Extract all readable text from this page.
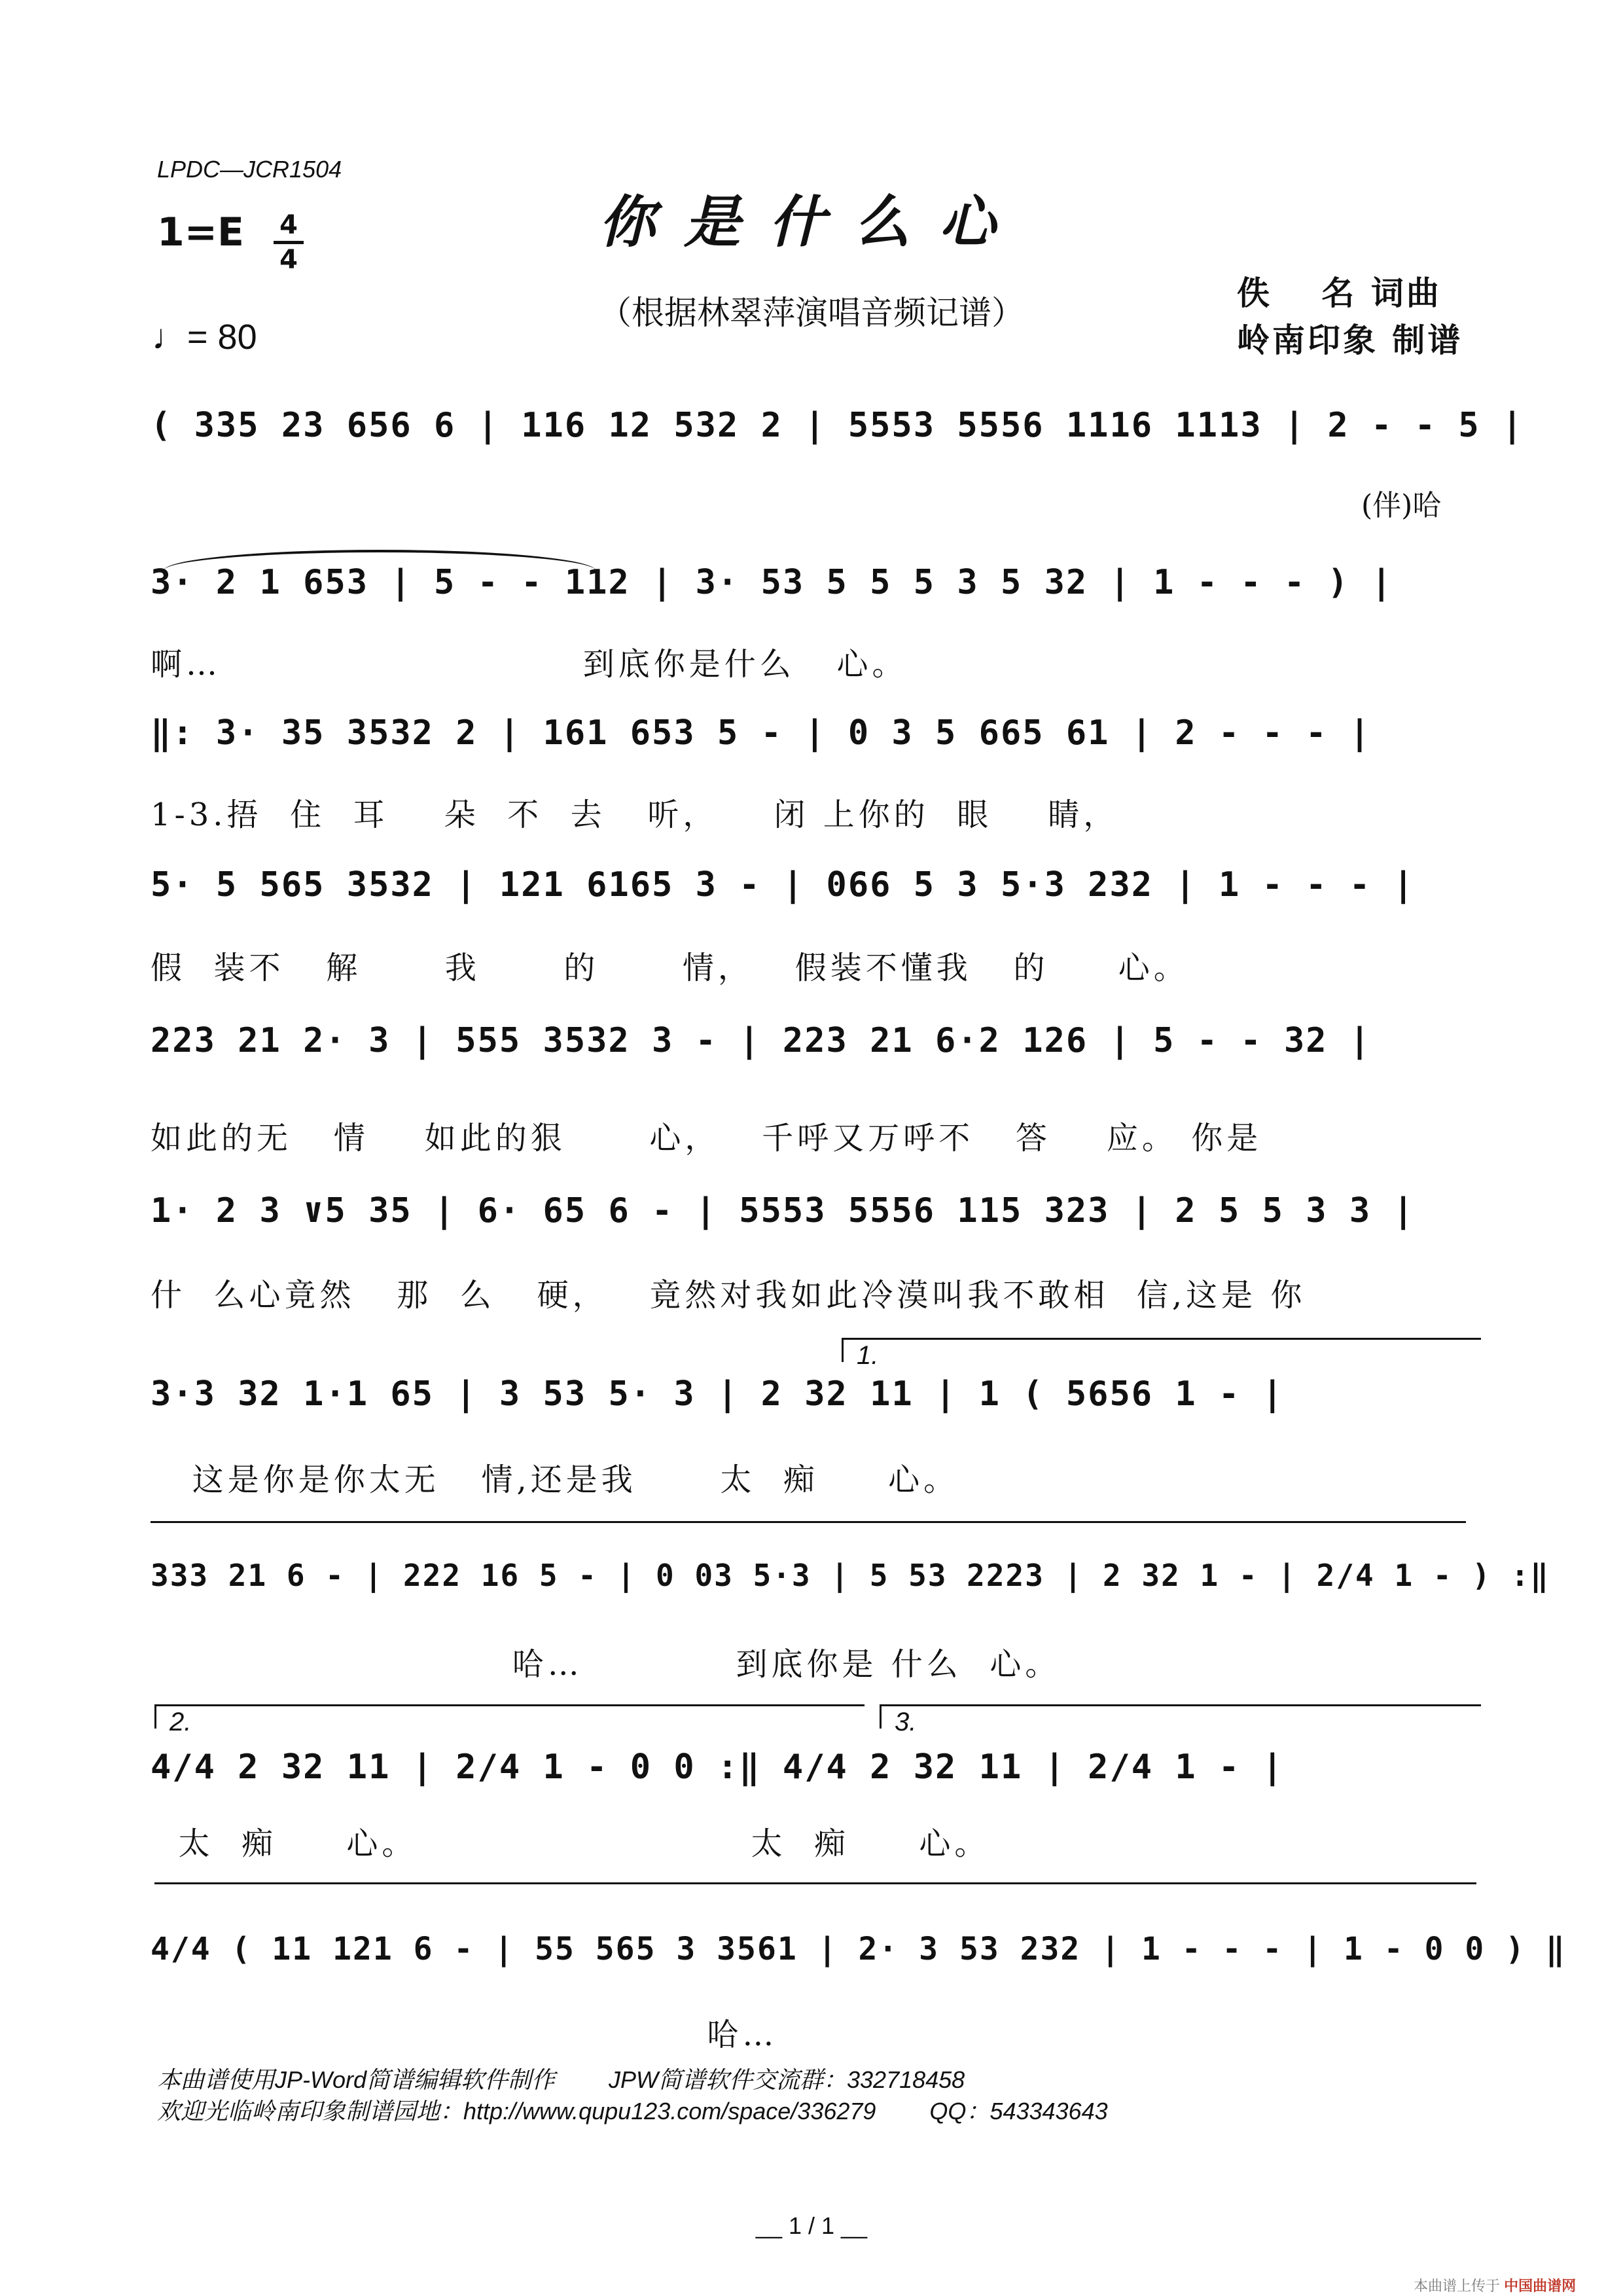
LPDC—JCR1504
你是什么心
1=E 4
4
♩= 80
（根据林翠萍演唱音频记谱）
佚　 名 词曲
岭南印象 制谱
( 335 23 656 6 | 116 12 532 2 | 5553 5556 1116 1113 | 2 - - 5 |
(伴)哈
3· 2 1 653 | 5 - - 112 | 3· 53 5 5 5 3 5 32 | 1 - - - ) |
啊…                          到底你是什么   心。
‖: 3· 35 3532 2 | 161 653 5 - | 0 3 5 665 61 | 2 - - - |
1-3.捂  住  耳    朵  不  去   听，    闭 上你的  眼    睛，
5· 5 565 3532 | 121 6165 3 - | 066 5 3 5·3 232 | 1 - - - |
假  装不   解      我      的      情，   假装不懂我   的     心。
223 21 2· 3 | 555 3532 3 - | 223 21 6·2 126 | 5 - - 32 |
如此的无   情    如此的狠      心，   千呼又万呼不   答    应。 你是
1· 2 3 ∨5 35 | 6· 65 6 - | 5553 5556 115 323 | 2 5 5 3 3 |
什  么心竟然   那  么   硬，   竟然对我如此冷漠叫我不敢相  信,这是 你
1.
3·3 32 1·1 65 | 3 53 5· 3 | 2 32 11 | 1 ( 5656 1 - |
这是你是你太无   情,还是我      太  痴     心。
333 21 6 - | 222 16 5 - | 0 03 5·3 | 5 53 2223 | 2 32 1 - | 2/4 1 - ) :‖
哈…           到底你是 什么  心。
2.	3.
4/4 2 32 11 | 2/4 1 - 0 0 :‖ 4/4 2 32 11 | 2/4 1 - |
太  痴     心。                        太  痴     心。
4/4 ( 11 121 6 - | 55 565 3 3561 | 2· 3 53 232 | 1 - - - | 1 - 0 0 ) ‖
哈…
本曲谱使用JP-Word简谱编辑软件制作　　 JPW简谱软件交流群：332718458
欢迎光临岭南印象制谱园地：http://www.qupu123.com/space/336279　　 QQ：543343643
__ 1 / 1 __
本曲谱上传于 中国曲谱网
